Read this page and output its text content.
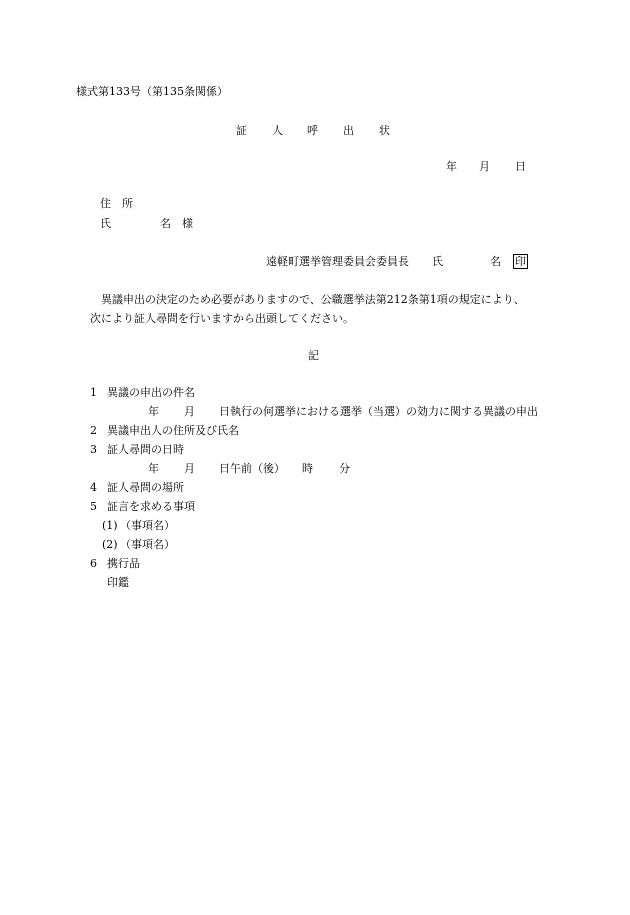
様式第133号（第135条関係）
証 人 呼 出 状
年 月 日
住　所
氏	名 様
遠軽町選挙管理委員会委員長 氏	名	印
異議申出の決定のため必要がありますので、公職選挙法第212条第1項の規定により、
次により証人尋問を行いますから出頭してください。
記
1 異議の申出の件名
年 月 日執行の何選挙における選挙（当選）の効力に関する異議の申出
2 異議申出人の住所及び氏名
3 証人尋問の日時
年 月 日午前（後） 時 分
4 証人尋問の場所
5 証言を求める事項
(1) （事項名）
(2) （事項名）
6 携行品
印鑑
